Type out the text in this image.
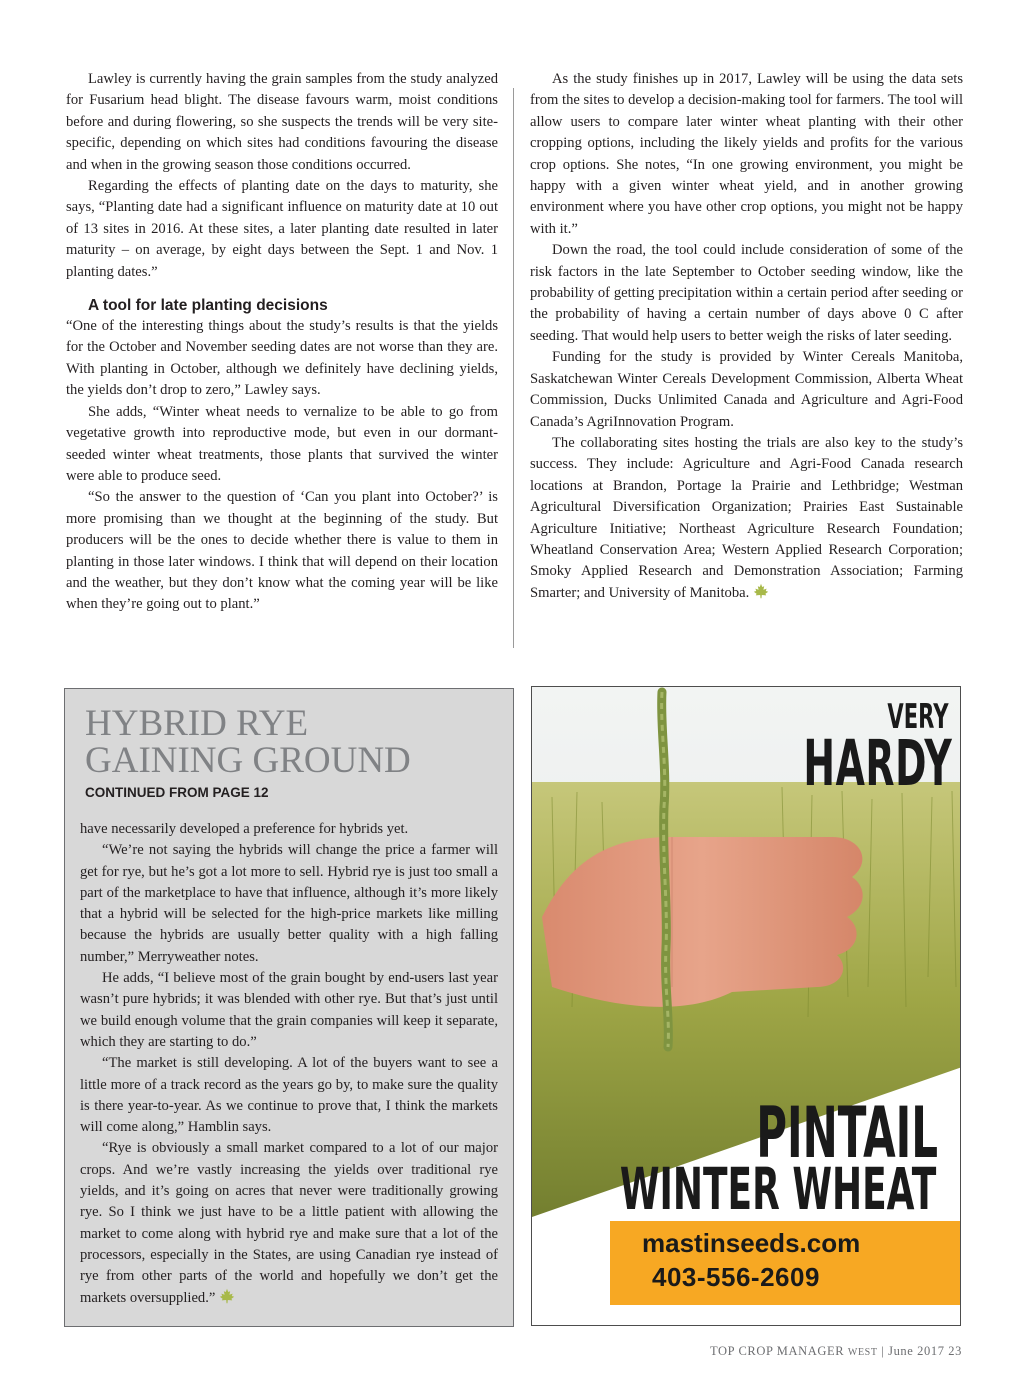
Lawley is currently having the grain samples from the study analyzed for Fusarium head blight. The disease favours warm, moist conditions before and during flowering, so she suspects the trends will be very site-specific, depending on which sites had conditions favouring the disease and when in the growing season those conditions occurred.

Regarding the effects of planting date on the days to maturity, she says, “Planting date had a significant influence on maturity date at 10 out of 13 sites in 2016. At these sites, a later planting date resulted in later maturity – on average, by eight days between the Sept. 1 and Nov. 1 planting dates.”

A tool for late planting decisions

“One of the interesting things about the study’s results is that the yields for the October and November seeding dates are not worse than they are. With planting in October, although we definitely have declining yields, the yields don’t drop to zero,” Lawley says.

She adds, “Winter wheat needs to vernalize to be able to go from vegetative growth into reproductive mode, but even in our dormant-seeded winter wheat treatments, those plants that survived the winter were able to produce seed.

“So the answer to the question of ‘Can you plant into October?’ is more promising than we thought at the beginning of the study. But producers will be the ones to decide whether there is value to them in planting in those later windows. I think that will depend on their location and the weather, but they don’t know what the coming year will be like when they’re going out to plant.”

As the study finishes up in 2017, Lawley will be using the data sets from the sites to develop a decision-making tool for farmers. The tool will allow users to compare later winter wheat planting with their other cropping options, including the likely yields and profits for the various crop options. She notes, “In one growing environment, you might be happy with a given winter wheat yield, and in another growing environment where you have other crop options, you might not be happy with it.”

Down the road, the tool could include consideration of some of the risk factors in the late September to October seeding window, like the probability of getting precipitation within a certain period after seeding or the probability of having a certain number of days above 0 C after seeding. That would help users to better weigh the risks of later seeding.

Funding for the study is provided by Winter Cereals Manitoba, Saskatchewan Winter Cereals Development Commission, Alberta Wheat Commission, Ducks Unlimited Canada and Agriculture and Agri-Food Canada’s AgriInnovation Program.

The collaborating sites hosting the trials are also key to the study’s success. They include: Agriculture and Agri-Food Canada research locations at Brandon, Portage la Prairie and Lethbridge; Westman Agricultural Diversification Organization; Prairies East Sustainable Agriculture Initiative; Northeast Agriculture Research Foundation; Wheatland Conservation Area; Western Applied Research Corporation; Smoky Applied Research and Demonstration Association; Farming Smarter; and University of Manitoba.

HYBRID RYE
GAINING GROUND
CONTINUED FROM PAGE 12

have necessarily developed a preference for hybrids yet.

“We’re not saying the hybrids will change the price a farmer will get for rye, but he’s got a lot more to sell. Hybrid rye is just too small a part of the marketplace to have that influence, although it’s more likely that a hybrid will be selected for the high-price markets like milling because the hybrids are usually better quality with a high falling number,” Merryweather notes.

He adds, “I believe most of the grain bought by end-users last year wasn’t pure hybrids; it was blended with other rye. But that’s just until we build enough volume that the grain companies will keep it separate, which they are starting to do.”

“The market is still developing. A lot of the buyers want to see a little more of a track record as the years go by, to make sure the quality is there year-to-year. As we continue to prove that, I think the markets will come along,” Hamblin says.

“Rye is obviously a small market compared to a lot of our major crops. And we’re vastly increasing the yields over traditional rye yields, and it’s going on acres that never were traditionally growing rye. So I think we just have to be a little patient with allowing the market to come along with hybrid rye and make sure that a lot of the processors, especially in the States, are using Canadian rye instead of rye from other parts of the world and hopefully we don’t get the markets oversupplied.”

VERY
HARDY
PINTAIL
WINTER WHEAT
mastinseeds.com
403-556-2609
TOP CROP MANAGER WEST | June 2017 23
